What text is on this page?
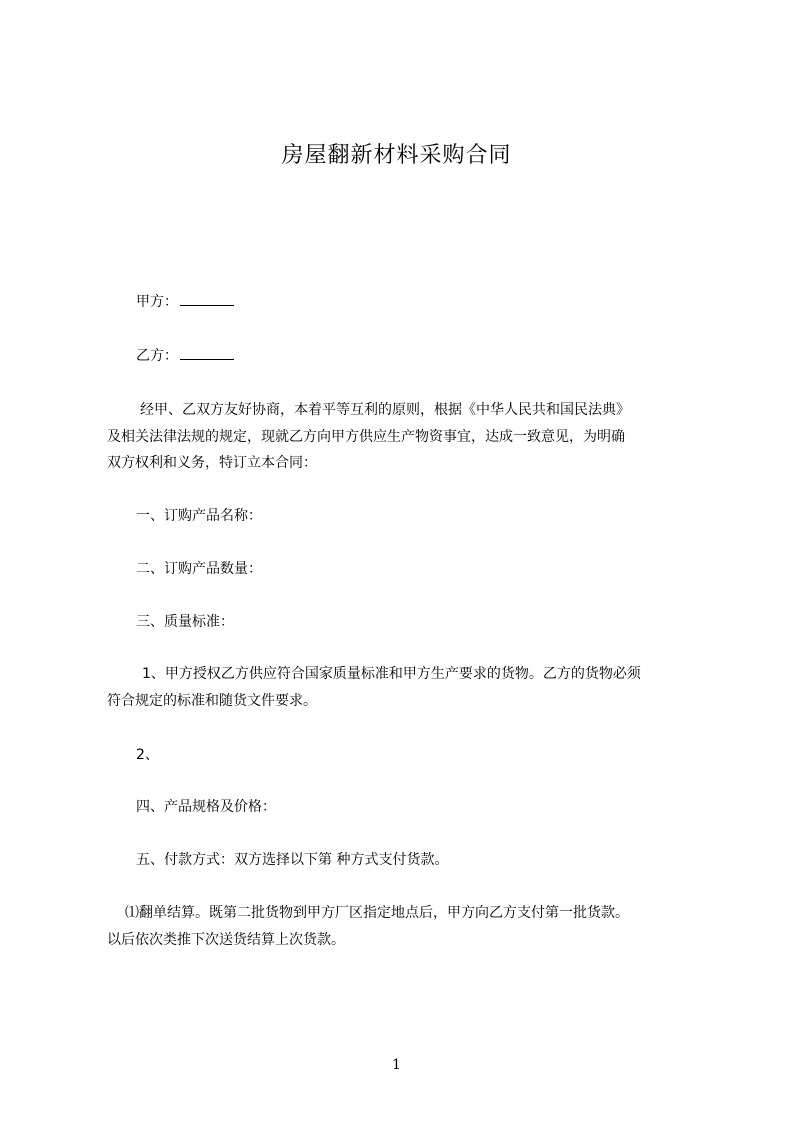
房屋翻新材料采购合同
甲方：
乙方：
经甲、乙双方友好协商，本着平等互利的原则，根据《中华人民共和国民法典》
及相关法律法规的规定，现就乙方向甲方供应生产物资事宜，达成一致意见，为明确
双方权利和义务，特订立本合同：
一、订购产品名称：
二、订购产品数量：
三、质量标准：
1、甲方授权乙方供应符合国家质量标准和甲方生产要求的货物。乙方的货物必须
符合规定的标准和随货文件要求。
2、
四、产品规格及价格：
五、付款方式：双方选择以下第 种方式支付货款。
⑴翻单结算。既第二批货物到甲方厂区指定地点后，甲方向乙方支付第一批货款。
以后依次类推下次送货结算上次货款。
1
